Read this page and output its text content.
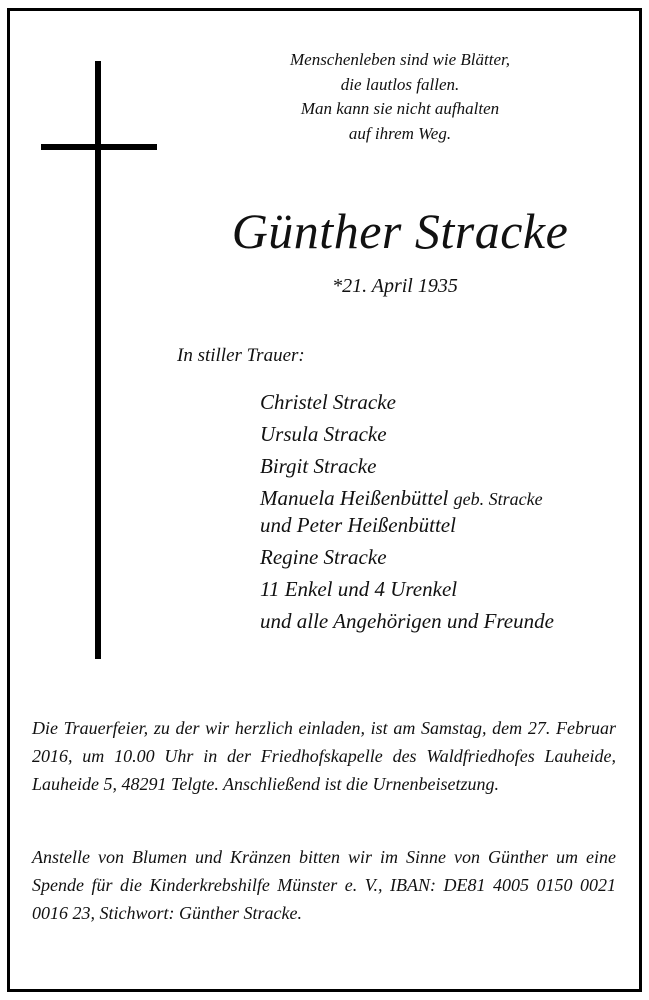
Menschenleben sind wie Blätter,
die lautlos fallen.
Man kann sie nicht aufhalten
auf ihrem Weg.
Günther Stracke
*21. April 1935
In stiller Trauer:
Christel Stracke
Ursula Stracke
Birgit Stracke
Manuela Heißenbüttel geb. Stracke
und Peter Heißenbüttel
Regine Stracke
11 Enkel und 4 Urenkel
und alle Angehörigen und Freunde
Die Trauerfeier, zu der wir herzlich einladen, ist am Samstag, dem 27. Februar 2016, um 10.00 Uhr in der Friedhofskapelle des Waldfriedhofes Lauheide, Lauheide 5, 48291 Telgte. Anschließend ist die Urnenbeisetzung.
Anstelle von Blumen und Kränzen bitten wir im Sinne von Günther um eine Spende für die Kinderkrebshilfe Münster e. V., IBAN: DE81 4005 0150 0021 0016 23, Stichwort: Günther Stracke.
